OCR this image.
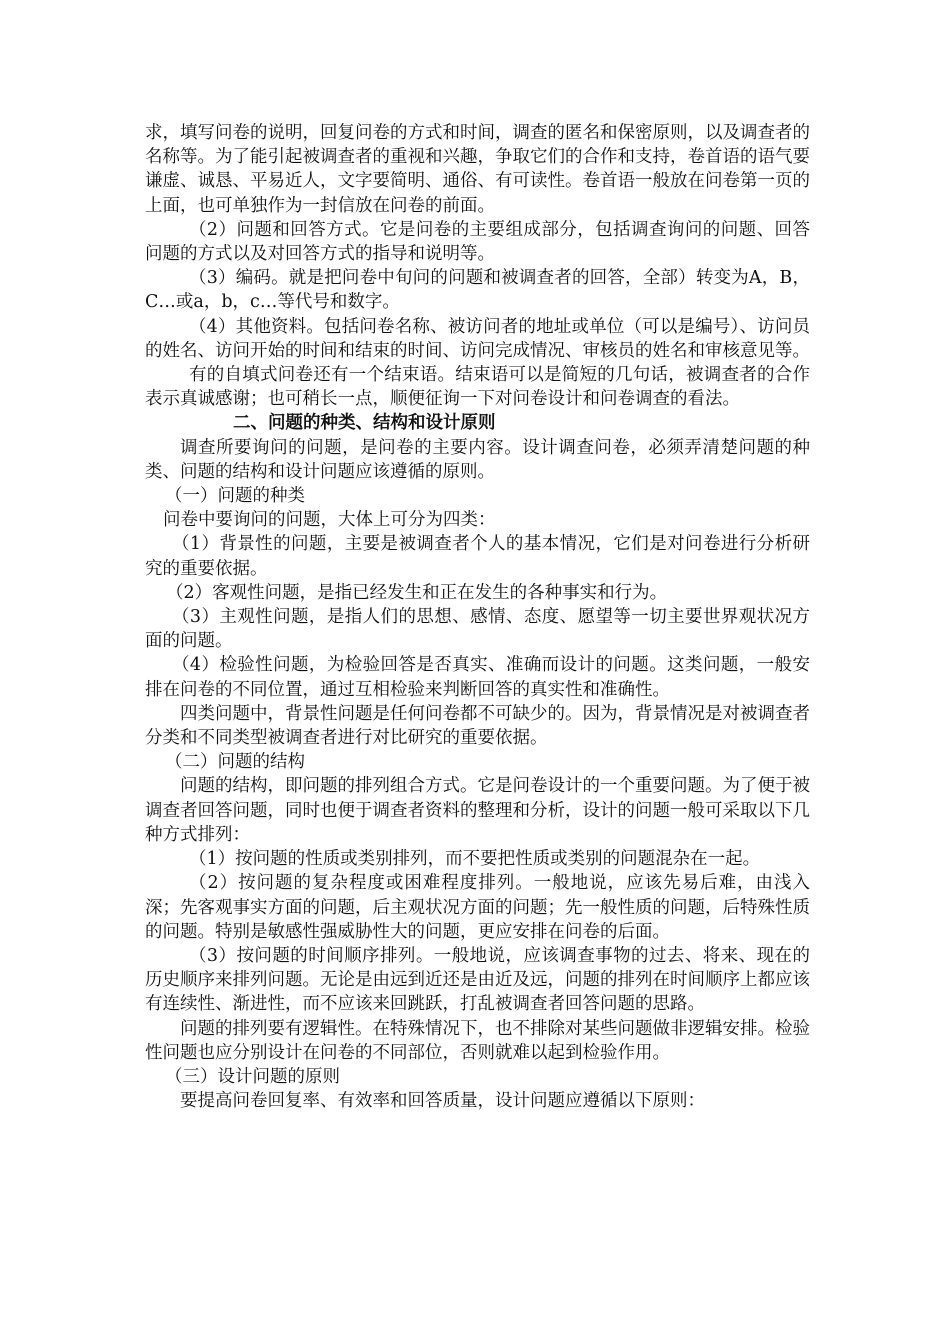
求，填写问卷的说明，回复问卷的方式和时间，调查的匿名和保密原则，以及调查者的名称等。为了能引起被调查者的重视和兴趣，争取它们的合作和支持，卷首语的语气要谦虚、诚恳、平易近人，文字要简明、通俗、有可读性。卷首语一般放在问卷第一页的上面，也可单独作为一封信放在问卷的前面。

（2）问题和回答方式。它是问卷的主要组成部分，包括调查询问的问题、回答问题的方式以及对回答方式的指导和说明等。

（3）编码。就是把问卷中旬问的问题和被调查者的回答，全部）转变为A，B，C…或a，b，c…等代号和数字。

（4）其他资料。包括问卷名称、被访问者的地址或单位（可以是编号）、访问员的姓名、访问开始的时间和结束的时间、访问完成情况、审核员的姓名和审核意见等。

有的自填式问卷还有一个结束语。结束语可以是简短的几句话，被调查者的合作表示真诚感谢；也可稍长一点，顺便征询一下对问卷设计和问卷调查的看法。

二、问题的种类、结构和设计原则

调查所要询问的问题，是问卷的主要内容。设计调查问卷，必须弄清楚问题的种类、问题的结构和设计问题应该遵循的原则。

（一）问题的种类

问卷中要询问的问题，大体上可分为四类：

（1）背景性的问题，主要是被调查者个人的基本情况，它们是对问卷进行分析研究的重要依据。

（2）客观性问题，是指已经发生和正在发生的各种事实和行为。

（3）主观性问题，是指人们的思想、感情、态度、愿望等一切主要世界观状况方面的问题。

（4）检验性问题，为检验回答是否真实、准确而设计的问题。这类问题，一般安排在问卷的不同位置，通过互相检验来判断回答的真实性和准确性。

四类问题中，背景性问题是任何问卷都不可缺少的。因为，背景情况是对被调查者分类和不同类型被调查者进行对比研究的重要依据。

（二）问题的结构

问题的结构，即问题的排列组合方式。它是问卷设计的一个重要问题。为了便于被调查者回答问题，同时也便于调查者资料的整理和分析，设计的问题一般可采取以下几种方式排列：

（1）按问题的性质或类别排列，而不要把性质或类别的问题混杂在一起。

（2）按问题的复杂程度或困难程度排列。一般地说，应该先易后难，由浅入深；先客观事实方面的问题，后主观状况方面的问题；先一般性质的问题，后特殊性质的问题。特别是敏感性强威胁性大的问题，更应安排在问卷的后面。

（3）按问题的时间顺序排列。一般地说，应该调查事物的过去、将来、现在的历史顺序来排列问题。无论是由远到近还是由近及远，问题的排列在时间顺序上都应该有连续性、渐进性，而不应该来回跳跃，打乱被调查者回答问题的思路。

问题的排列要有逻辑性。在特殊情况下，也不排除对某些问题做非逻辑安排。检验性问题也应分别设计在问卷的不同部位，否则就难以起到检验作用。

（三）设计问题的原则

要提高问卷回复率、有效率和回答质量，设计问题应遵循以下原则：
